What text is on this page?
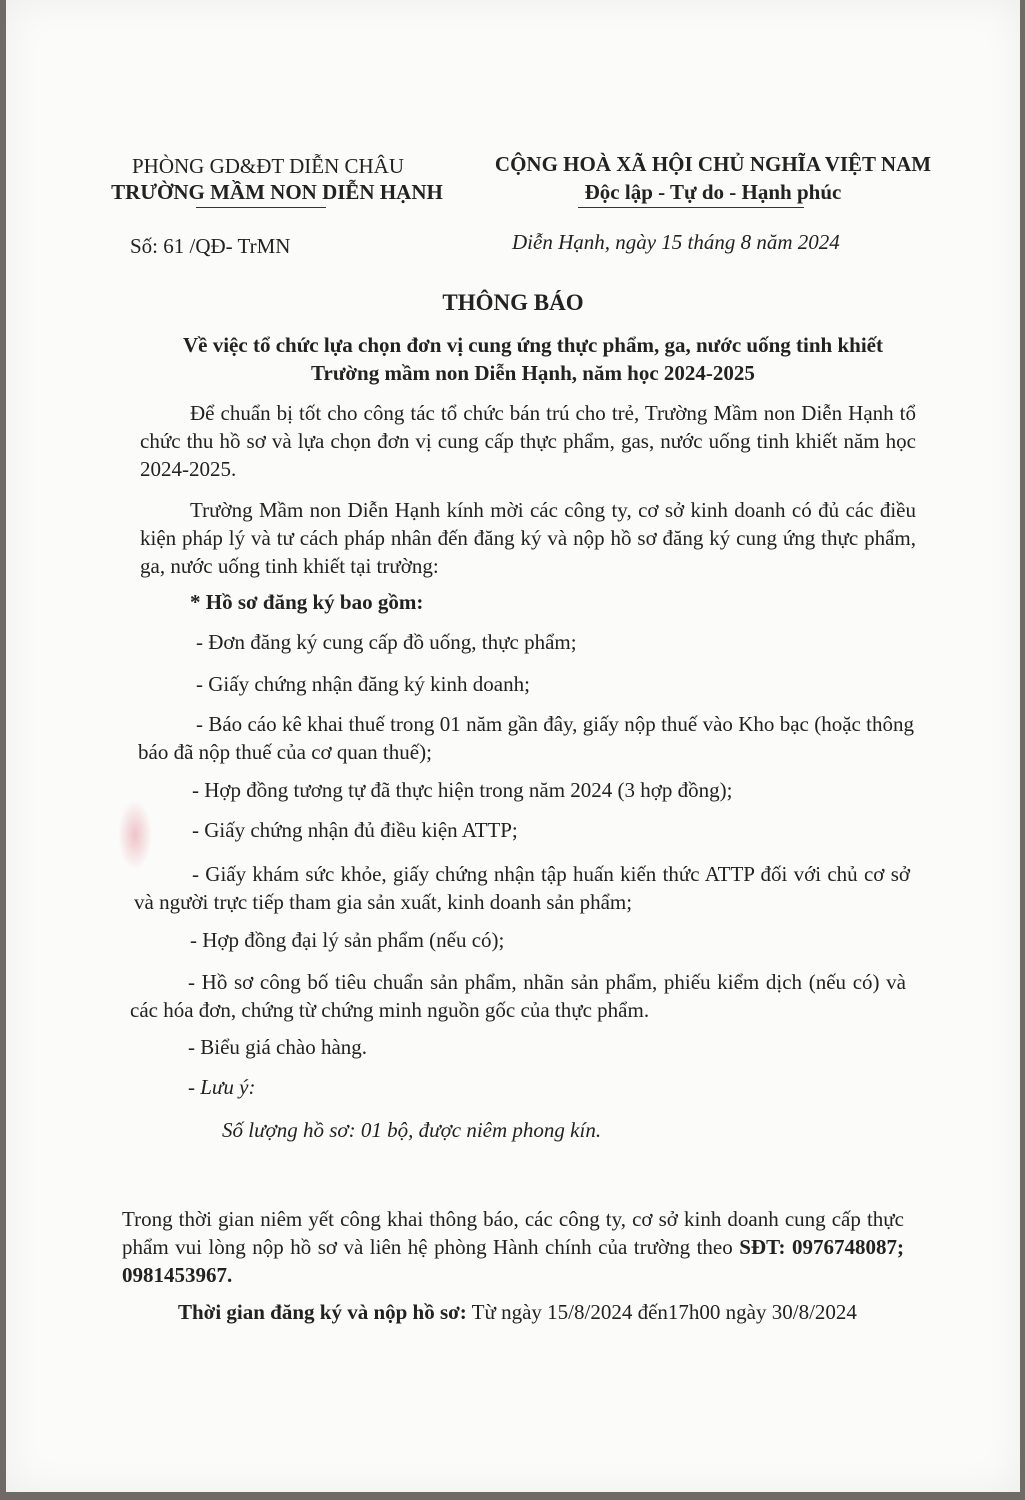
PHÒNG GD&ĐT DIỄN CHÂU
TRƯỜNG MẦM NON DIỄN HẠNH
CỘNG HOÀ XÃ HỘI CHỦ NGHĨA VIỆT NAM
Độc lập - Tự do - Hạnh phúc
Số: 61 /QĐ- TrMN	Diễn Hạnh, ngày 15 tháng 8 năm 2024
THÔNG BÁO
Về việc tổ chức lựa chọn đơn vị cung ứng thực phẩm, ga, nước uống tinh khiết
Trường mầm non Diễn Hạnh, năm học 2024-2025
Để chuẩn bị tốt cho công tác tổ chức bán trú cho trẻ, Trường Mầm non Diễn Hạnh tổ chức thu hồ sơ và lựa chọn đơn vị cung cấp thực phẩm, gas, nước uống tinh khiết năm học 2024-2025.
Trường Mầm non Diễn Hạnh kính mời các công ty, cơ sở kinh doanh có đủ các điều kiện pháp lý và tư cách pháp nhân đến đăng ký và nộp hồ sơ đăng ký cung ứng thực phẩm, ga, nước uống tinh khiết tại trường:
* Hồ sơ đăng ký bao gồm:
- Đơn đăng ký cung cấp đồ uống, thực phẩm;
- Giấy chứng nhận đăng ký kinh doanh;
- Báo cáo kê khai thuế trong 01 năm gần đây, giấy nộp thuế vào Kho bạc (hoặc thông báo đã nộp thuế của cơ quan thuế);
- Hợp đồng tương tự đã thực hiện trong năm 2024 (3 hợp đồng);
- Giấy chứng nhận đủ điều kiện ATTP;
- Giấy khám sức khỏe, giấy chứng nhận tập huấn kiến thức ATTP đối với chủ cơ sở và người trực tiếp tham gia sản xuất, kinh doanh sản phẩm;
- Hợp đồng đại lý sản phẩm (nếu có);
- Hồ sơ công bố tiêu chuẩn sản phẩm, nhãn sản phẩm, phiếu kiểm dịch (nếu có) và các hóa đơn, chứng từ chứng minh nguồn gốc của thực phẩm.
- Biểu giá chào hàng.
- Lưu ý:
Số lượng hồ sơ: 01 bộ, được niêm phong kín.
Trong thời gian niêm yết công khai thông báo, các công ty, cơ sở kinh doanh cung cấp thực phẩm vui lòng nộp hồ sơ và liên hệ phòng Hành chính của trường theo SĐT: 0976748087; 0981453967.
Thời gian đăng ký và nộp hồ sơ: Từ ngày 15/8/2024 đến17h00 ngày 30/8/2024
